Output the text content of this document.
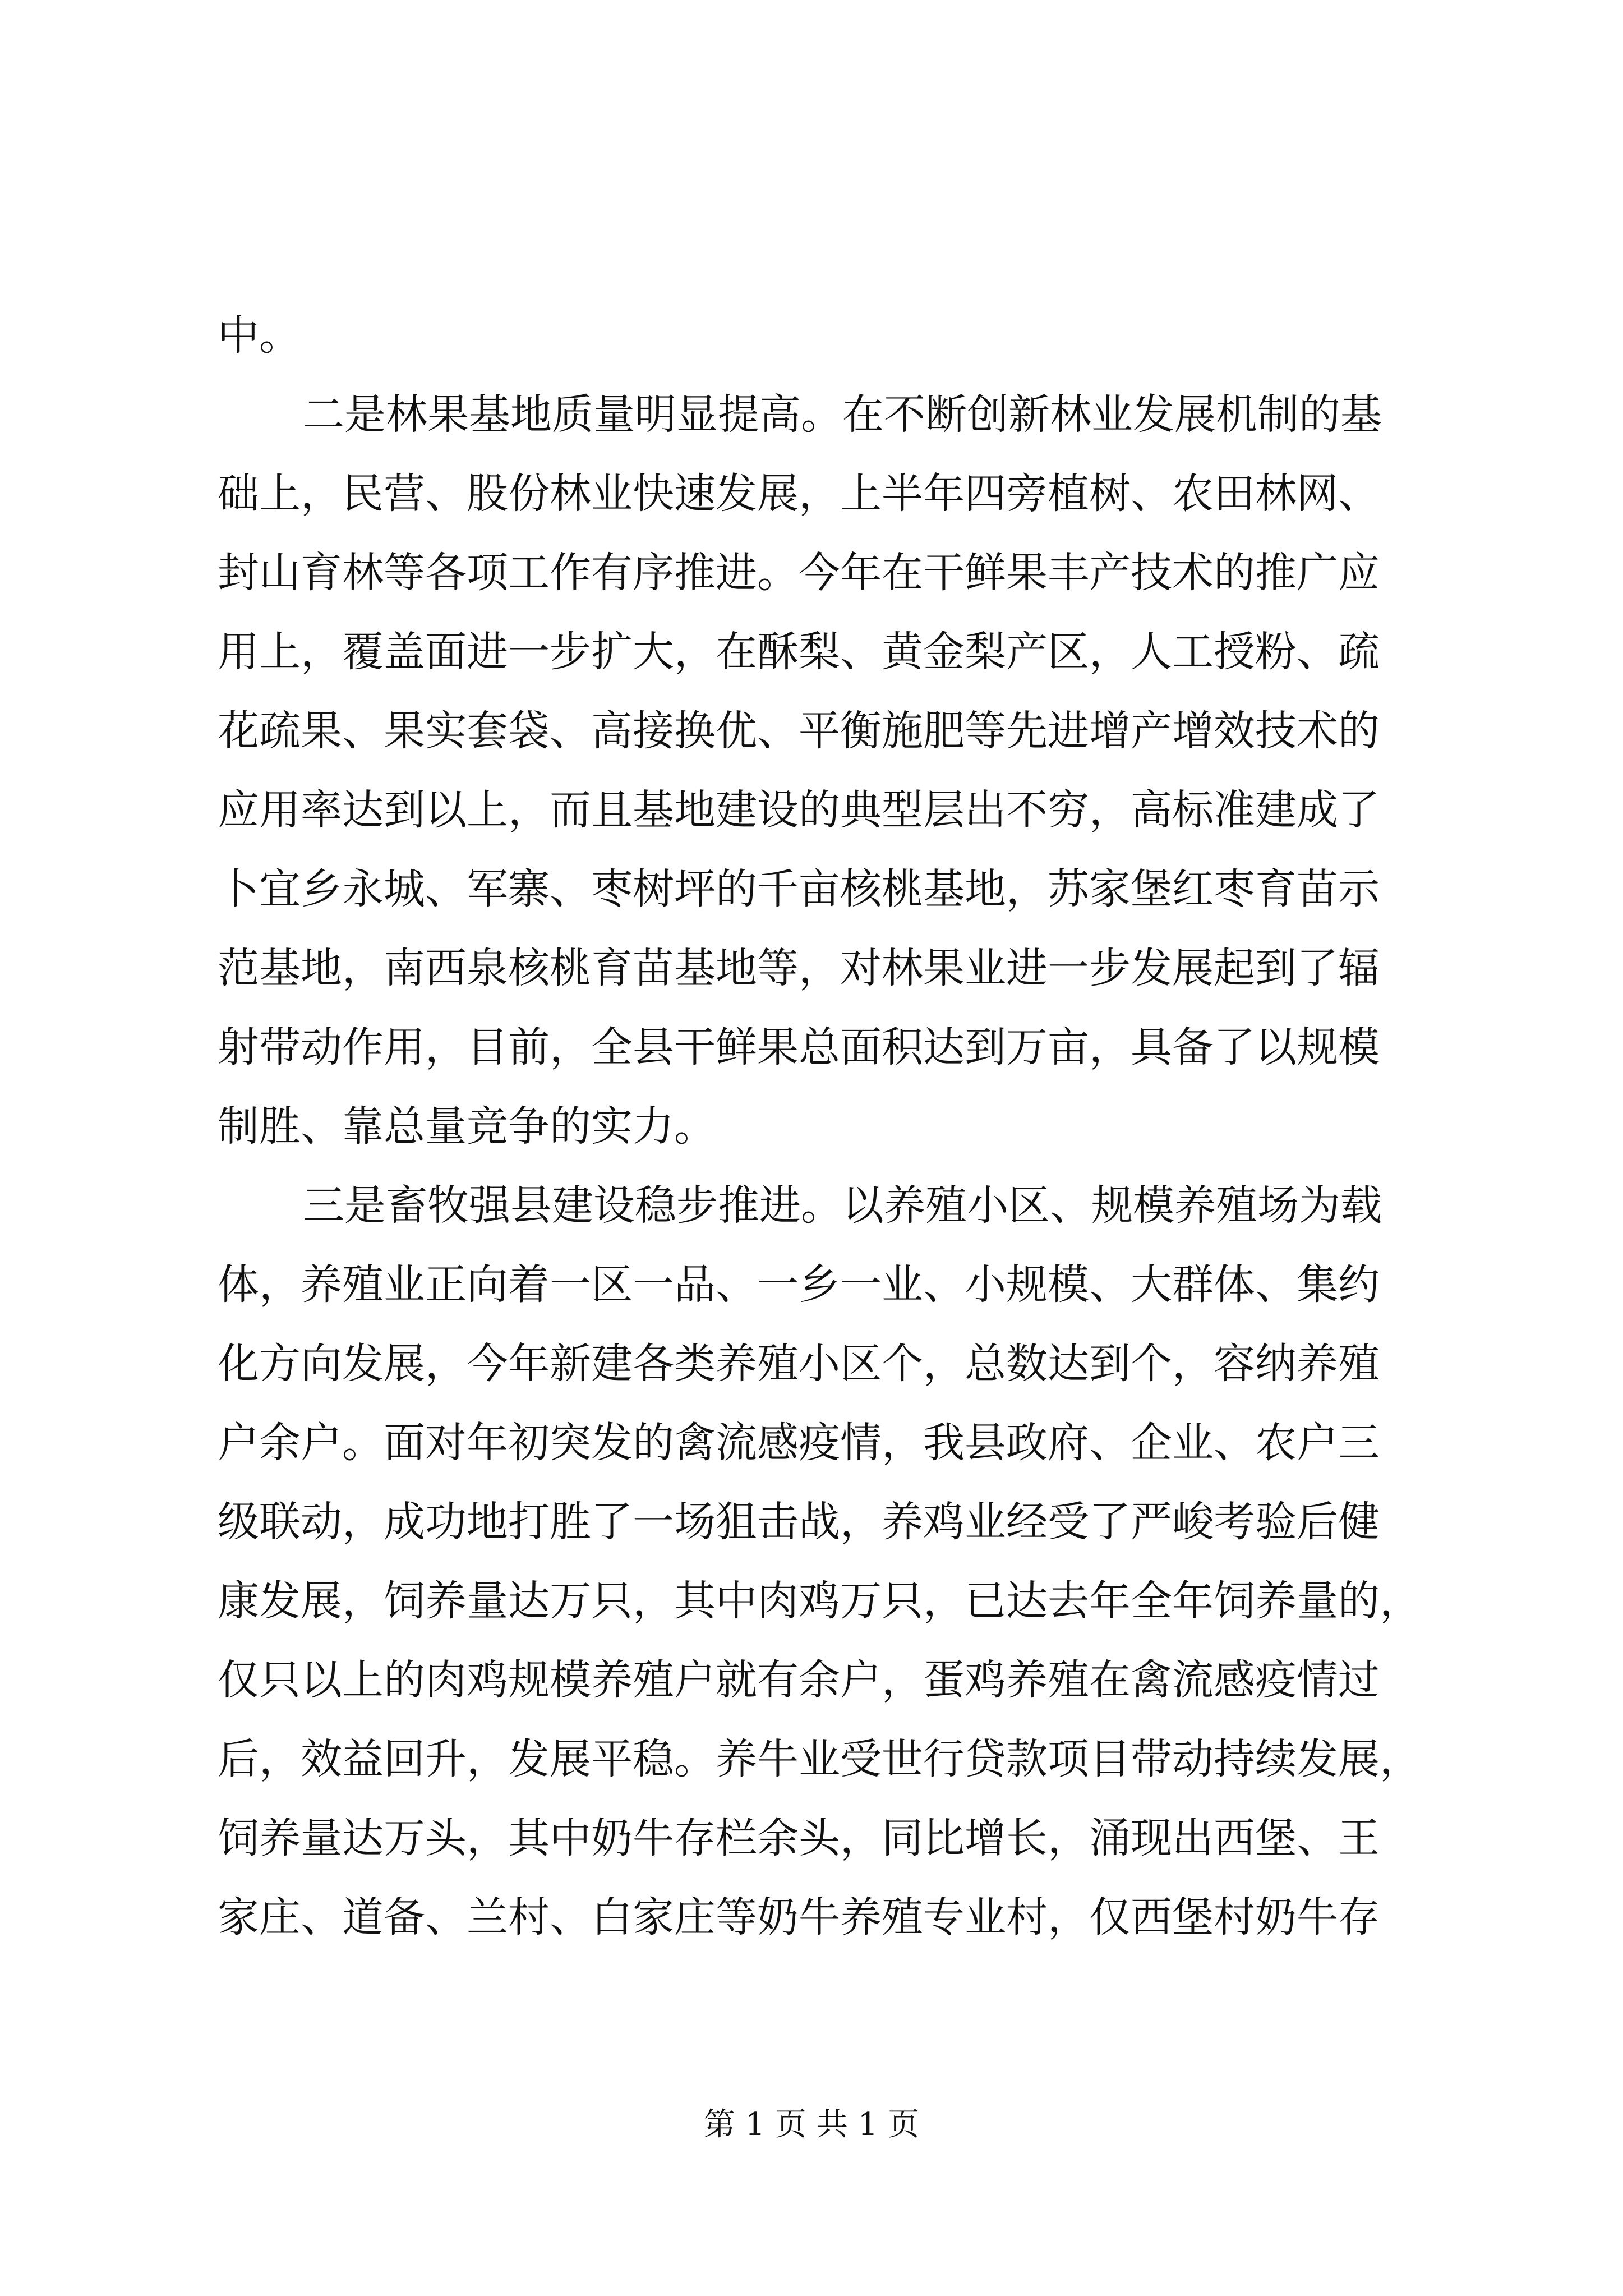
中。
二是林果基地质量明显提高。在不断创新林业发展机制的基
础上，民营、股份林业快速发展，上半年四旁植树、农田林网、
封山育林等各项工作有序推进。今年在干鲜果丰产技术的推广应
用上，覆盖面进一步扩大，在酥梨、黄金梨产区，人工授粉、疏
花疏果、果实套袋、高接换优、平衡施肥等先进增产增效技术的
应用率达到以上，而且基地建设的典型层出不穷，高标准建成了
卜宜乡永城、军寨、枣树坪的千亩核桃基地，苏家堡红枣育苗示
范基地，南西泉核桃育苗基地等，对林果业进一步发展起到了辐
射带动作用，目前，全县干鲜果总面积达到万亩，具备了以规模
制胜、靠总量竞争的实力。
三是畜牧强县建设稳步推进。以养殖小区、规模养殖场为载
体，养殖业正向着一区一品、一乡一业、小规模、大群体、集约
化方向发展，今年新建各类养殖小区个，总数达到个，容纳养殖
户余户。面对年初突发的禽流感疫情，我县政府、企业、农户三
级联动，成功地打胜了一场狙击战，养鸡业经受了严峻考验后健
康发展，饲养量达万只，其中肉鸡万只，已达去年全年饲养量的，
仅只以上的肉鸡规模养殖户就有余户，蛋鸡养殖在禽流感疫情过
后，效益回升，发展平稳。养牛业受世行贷款项目带动持续发展，
饲养量达万头，其中奶牛存栏余头，同比增长，涌现出西堡、王
家庄、道备、兰村、白家庄等奶牛养殖专业村，仅西堡村奶牛存
第 1 页 共 1 页
